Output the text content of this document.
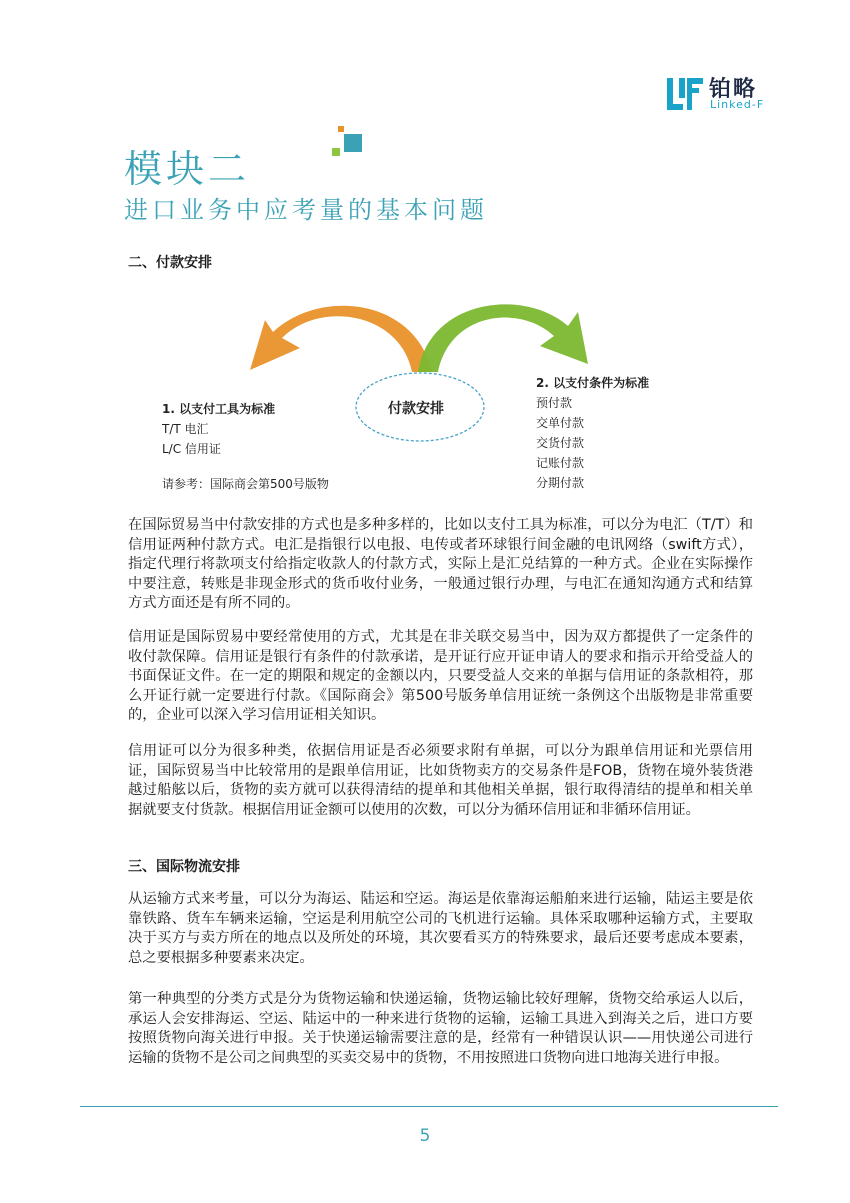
铂略
Linked-F
模块二
进口业务中应考量的基本问题
二、付款安排
付款安排
1. 以支付工具为标准
T/T 电汇
L/C 信用证
请参考：国际商会第500号版物
2. 以支付条件为标准
预付款
交单付款
交货付款
记账付款
分期付款
在国际贸易当中付款安排的方式也是多种多样的，比如以支付工具为标准，可以分为电汇（T/T）和信用证两种付款方式。电汇是指银行以电报、电传或者环球银行间金融的电讯网络（swift方式），指定代理行将款项支付给指定收款人的付款方式，实际上是汇兑结算的一种方式。企业在实际操作中要注意，转账是非现金形式的货币收付业务，一般通过银行办理，与电汇在通知沟通方式和结算方式方面还是有所不同的。
信用证是国际贸易中要经常使用的方式，尤其是在非关联交易当中，因为双方都提供了一定条件的收付款保障。信用证是银行有条件的付款承诺，是开证行应开证申请人的要求和指示开给受益人的书面保证文件。在一定的期限和规定的金额以内，只要受益人交来的单据与信用证的条款相符，那么开证行就一定要进行付款。《国际商会》第500号版务单信用证统一条例这个出版物是非常重要的，企业可以深入学习信用证相关知识。
信用证可以分为很多种类，依据信用证是否必须要求附有单据，可以分为跟单信用证和光票信用证，国际贸易当中比较常用的是跟单信用证，比如货物卖方的交易条件是FOB，货物在境外装货港越过船舷以后，货物的卖方就可以获得清结的提单和其他相关单据，银行取得清结的提单和相关单据就要支付货款。根据信用证金额可以使用的次数，可以分为循环信用证和非循环信用证。
三、国际物流安排
从运输方式来考量，可以分为海运、陆运和空运。海运是依靠海运船舶来进行运输，陆运主要是依靠铁路、货车车辆来运输，空运是利用航空公司的飞机进行运输。具体采取哪种运输方式，主要取决于买方与卖方所在的地点以及所处的环境，其次要看买方的特殊要求，最后还要考虑成本要素，总之要根据多种要素来决定。
第一种典型的分类方式是分为货物运输和快递运输，货物运输比较好理解，货物交给承运人以后，承运人会安排海运、空运、陆运中的一种来进行货物的运输，运输工具进入到海关之后，进口方要按照货物向海关进行申报。关于快递运输需要注意的是，经常有一种错误认识——用快递公司进行运输的货物不是公司之间典型的买卖交易中的货物，不用按照进口货物向进口地海关进行申报。
5
